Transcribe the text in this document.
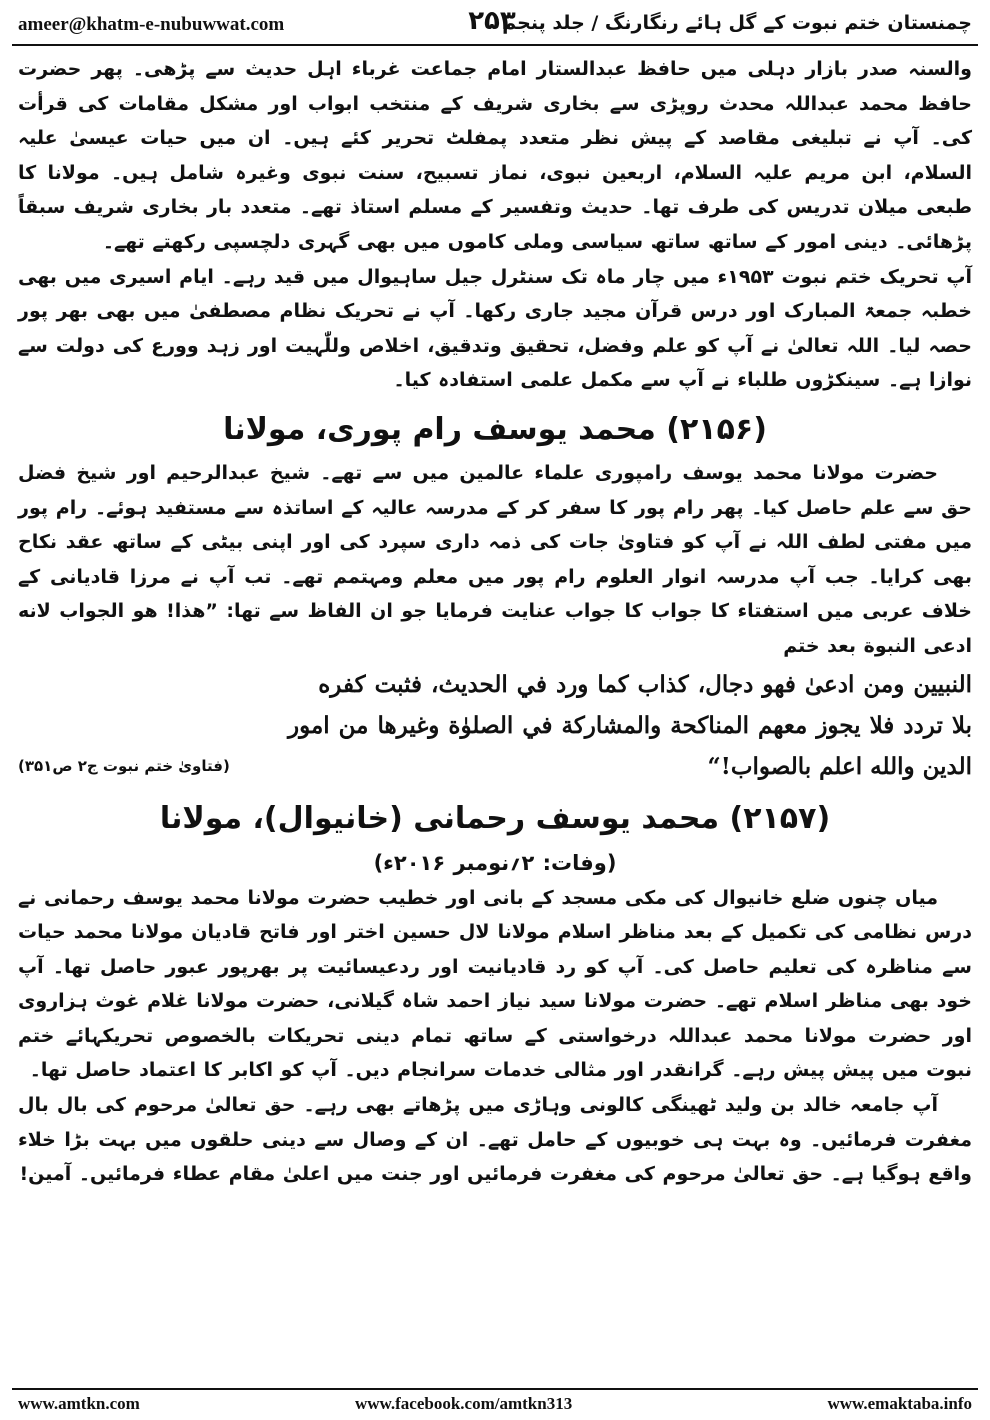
ameer@khatm-e-nubuwwat.com	۲۵۳
چمنستان ختم نبوت کے گل ہائے رنگارنگ / جلد پنجم

والسنہ صدر بازار دہلی میں حافظ عبدالستار امام جماعت غرباء اہل حدیث سے پڑھی۔ پھر حضرت حافظ محمد عبداللہ محدث روپڑی سے بخاری شریف کے منتخب ابواب اور مشکل مقامات کی قرأت کی۔ آپ نے تبلیغی مقاصد کے پیش نظر متعدد پمفلٹ تحریر کئے ہیں۔ ان میں حیات عیسیٰ علیہ السلام، ابن مریم علیہ السلام، اربعین نبوی، نماز تسبیح، سنت نبوی وغیرہ شامل ہیں۔ مولانا کا طبعی میلان تدریس کی طرف تھا۔ حدیث وتفسیر کے مسلم استاذ تھے۔ متعدد بار بخاری شریف سبقاً پڑھائی۔ دینی امور کے ساتھ ساتھ سیاسی وملی کاموں میں بھی گہری دلچسپی رکھتے تھے۔

آپ تحریک ختم نبوت ۱۹۵۳ء میں چار ماہ تک سنٹرل جیل ساہیوال میں قید رہے۔ ایام اسیری میں بھی خطبہ جمعۃ المبارک اور درس قرآن مجید جاری رکھا۔ آپ نے تحریک نظام مصطفیٰ میں بھی بھر پور حصہ لیا۔ اللہ تعالیٰ نے آپ کو علم وفضل، تحقیق وتدقیق، اخلاص وللّٰہیت اور زہد وورع کی دولت سے نوازا ہے۔ سینکڑوں طلباء نے آپ سے مکمل علمی استفادہ کیا۔

(۲۱۵۶) محمد یوسف رام پوری، مولانا

حضرت مولانا محمد یوسف رامپوری علماء عالمین میں سے تھے۔ شیخ عبدالرحیم اور شیخ فضل حق سے علم حاصل کیا۔ پھر رام پور کا سفر کر کے مدرسہ عالیہ کے اساتذہ سے مستفید ہوئے۔ رام پور میں مفتی لطف اللہ نے آپ کو فتاویٰ جات کی ذمہ داری سپرد کی اور اپنی بیٹی کے ساتھ عقد نکاح بھی کرایا۔ جب آپ مدرسہ انوار العلوم رام پور میں معلم ومہتمم تھے۔ تب آپ نے مرزا قادیانی کے خلاف عربی میں استفتاء کا جواب کا جواب عنایت فرمایا جو ان الفاظ سے تھا: ”هذا! هو الجواب لانه ادعى النبوة بعد ختم

النبيين ومن ادعىٰ فهو دجال، كذاب كما ورد في الحديث، فثبت كفره

بلا تردد فلا يجوز معهم المناكحة والمشاركة في الصلوٰة وغيرها من امور

الدين والله اعلم بالصواب!“
(فتاویٰ ختم نبوت ج۲ ص۳۵۱)
(۲۱۵۷) محمد یوسف رحمانی (خانیوال)، مولانا

(وفات: ۲؍نومبر ۲۰۱۶ء)

میاں چنوں ضلع خانیوال کی مکی مسجد کے بانی اور خطیب حضرت مولانا محمد یوسف رحمانی نے درس نظامی کی تکمیل کے بعد مناظر اسلام مولانا لال حسین اختر اور فاتح قادیان مولانا محمد حیات سے مناظرہ کی تعلیم حاصل کی۔ آپ کو رد قادیانیت اور ردعیسائیت پر بھرپور عبور حاصل تھا۔ آپ خود بھی مناظر اسلام تھے۔ حضرت مولانا سید نیاز احمد شاہ گیلانی، حضرت مولانا غلام غوث ہزاروی اور حضرت مولانا محمد عبداللہ درخواستی کے ساتھ تمام دینی تحریکات بالخصوص تحریکہائے ختم نبوت میں پیش پیش رہے۔ گرانقدر اور مثالی خدمات سرانجام دیں۔ آپ کو اکابر کا اعتماد حاصل تھا۔

آپ جامعہ خالد بن ولید ٹھینگی کالونی وہاڑی میں پڑھاتے بھی رہے۔ حق تعالیٰ مرحوم کی بال بال مغفرت فرمائیں۔ وہ بہت ہی خوبیوں کے حامل تھے۔ ان کے وصال سے دینی حلقوں میں بہت بڑا خلاء واقع ہوگیا ہے۔ حق تعالیٰ مرحوم کی مغفرت فرمائیں اور جنت میں اعلیٰ مقام عطاء فرمائیں۔ آمین!

www.amtkn.com	www.facebook.com/amtkn313	www.emaktaba.info
